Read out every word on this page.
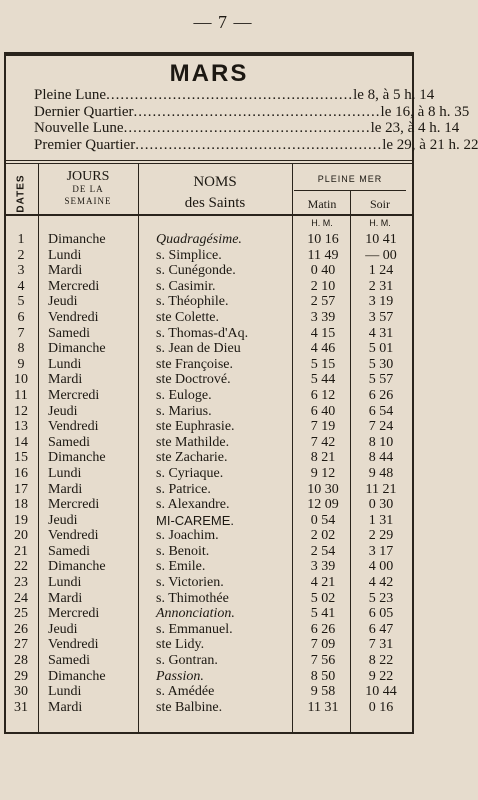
— 7 —
MARS
Pleine Lune .................................................... le 8, à 5 h. 14
Dernier Quartier .................................................... le 16, à 8 h. 35
Nouvelle Lune .................................................... le 23, à 4 h. 14
Premier Quartier .................................................... le 29, à 21 h. 22
DATES	JOURS
DE LA
SEMAINE
NOMS
des Saints
PLEINE MER
Matin	Soir
H. M.	H. M.
1	Dimanche	Quadragésime.	10 16	10 41
2	Lundi	s. Simplice.	11 49	— 00
3	Mardi	s. Cunégonde.	0 40	1 24
4	Mercredi	s. Casimir.	2 10	2 31
5	Jeudi	s. Théophile.	2 57	3 19
6	Vendredi	ste Colette.	3 39	3 57
7	Samedi	s. Thomas-d'Aq.	4 15	4 31
8	Dimanche	s. Jean de Dieu	4 46	5 01
9	Lundi	ste Françoise.	5 15	5 30
10	Mardi	ste Doctrové.	5 44	5 57
11	Mercredi	s. Euloge.	6 12	6 26
12	Jeudi	s. Marius.	6 40	6 54
13	Vendredi	ste Euphrasie.	7 19	7 24
14	Samedi	ste Mathilde.	7 42	8 10
15	Dimanche	ste Zacharie.	8 21	8 44
16	Lundi	s. Cyriaque.	9 12	9 48
17	Mardi	s. Patrice.	10 30	11 21
18	Mercredi	s. Alexandre.	12 09	0 30
19	Jeudi	MI-CAREME.	0 54	1 31
20	Vendredi	s. Joachim.	2 02	2 29
21	Samedi	s. Benoit.	2 54	3 17
22	Dimanche	s. Emile.	3 39	4 00
23	Lundi	s. Victorien.	4 21	4 42
24	Mardi	s. Thimothée	5 02	5 23
25	Mercredi	Annonciation.	5 41	6 05
26	Jeudi	s. Emmanuel.	6 26	6 47
27	Vendredi	ste Lidy.	7 09	7 31
28	Samedi	s. Gontran.	7 56	8 22
29	Dimanche	Passion.	8 50	9 22
30	Lundi	s. Amédée	9 58	10 44
31	Mardi	ste Balbine.	11 31	0 16
